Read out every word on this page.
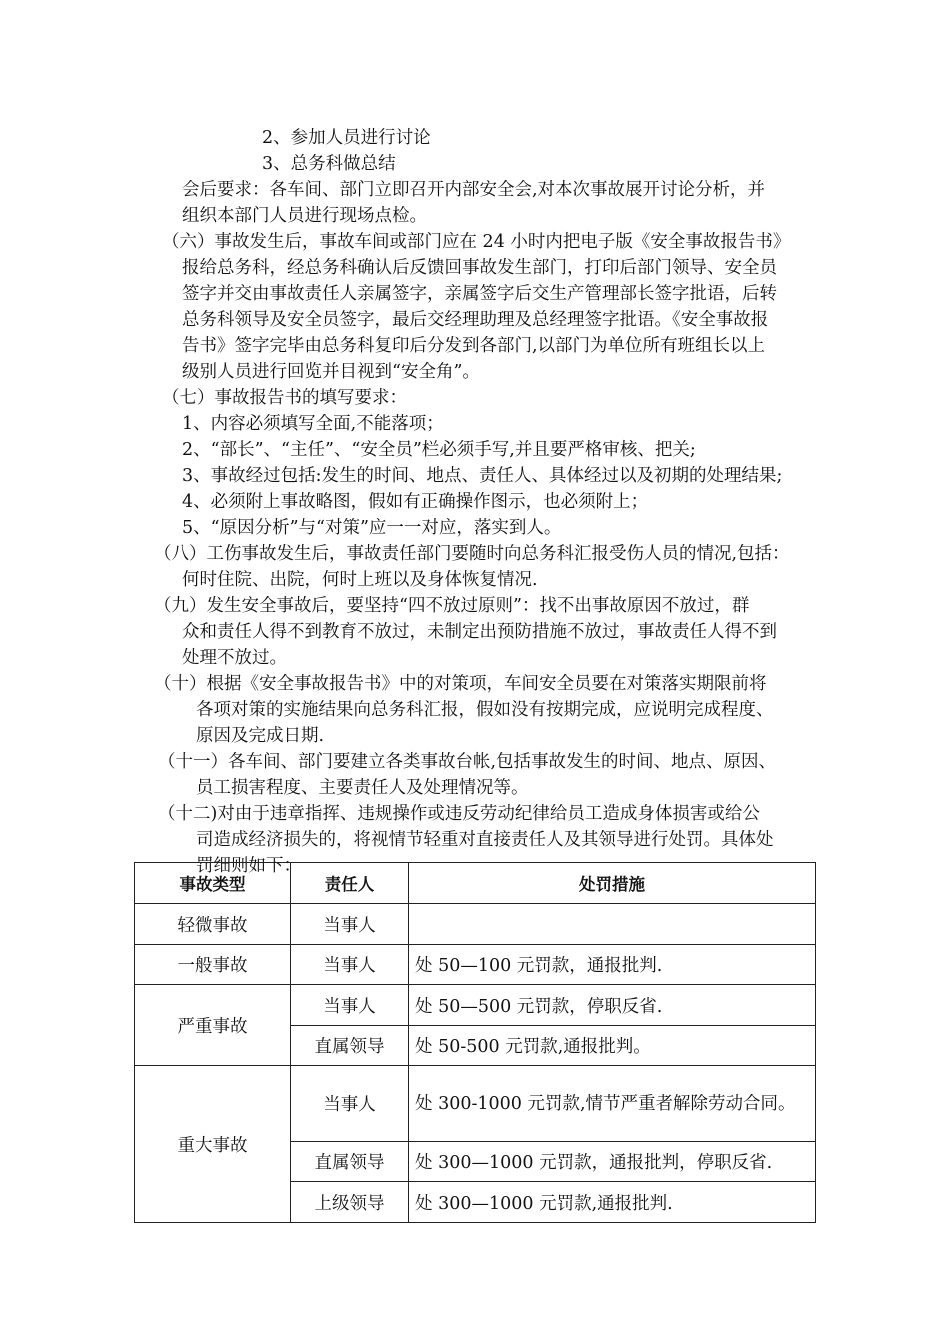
2、参加人员进行讨论
3、总务科做总结
会后要求：各车间、部门立即召开内部安全会,对本次事故展开讨论分析，并
组织本部门人员进行现场点检。
（六）事故发生后，事故车间或部门应在 24 小时内把电子版《安全事故报告书》
报给总务科，经总务科确认后反馈回事故发生部门，打印后部门领导、安全员
签字并交由事故责任人亲属签字，亲属签字后交生产管理部长签字批语，后转
总务科领导及安全员签字，最后交经理助理及总经理签字批语。《安全事故报
告书》签字完毕由总务科复印后分发到各部门,以部门为单位所有班组长以上
级别人员进行回览并目视到“安全角”。
（七）事故报告书的填写要求：
1、内容必须填写全面,不能落项；
2、“部长”、“主任”、“安全员”栏必须手写,并且要严格审核、把关;
3、事故经过包括:发生的时间、地点、责任人、具体经过以及初期的处理结果;
4、必须附上事故略图，假如有正确操作图示，也必须附上；
5、“原因分析”与“对策”应一一对应，落实到人。
（八）工伤事故发生后，事故责任部门要随时向总务科汇报受伤人员的情况,包括：
何时住院、出院，何时上班以及身体恢复情况.
（九）发生安全事故后，要坚持“四不放过原则”：找不出事故原因不放过，群
众和责任人得不到教育不放过，未制定出预防措施不放过，事故责任人得不到
处理不放过。
（十）根据《安全事故报告书》中的对策项，车间安全员要在对策落实期限前将
各项对策的实施结果向总务科汇报，假如没有按期完成，应说明完成程度、
原因及完成日期.
（十一）各车间、部门要建立各类事故台帐,包括事故发生的时间、地点、原因、
员工损害程度、主要责任人及处理情况等。
（十二)对由于违章指挥、违规操作或违反劳动纪律给员工造成身体损害或给公
司造成经济损失的，将视情节轻重对直接责任人及其领导进行处罚。具体处
罚细则如下：
事故类型	责任人	处罚措施
轻微事故	当事人	
一般事故	当事人	处 50—100 元罚款，通报批判.
严重事故	当事人	处 50—500 元罚款，停职反省.
	直属领导	处 50-500 元罚款,通报批判。
重大事故	当事人	处 300-1000 元罚款,情节严重者解除劳动合同。
	直属领导	处 300—1000 元罚款，通报批判，停职反省.
	上级领导	处 300—1000 元罚款,通报批判.
